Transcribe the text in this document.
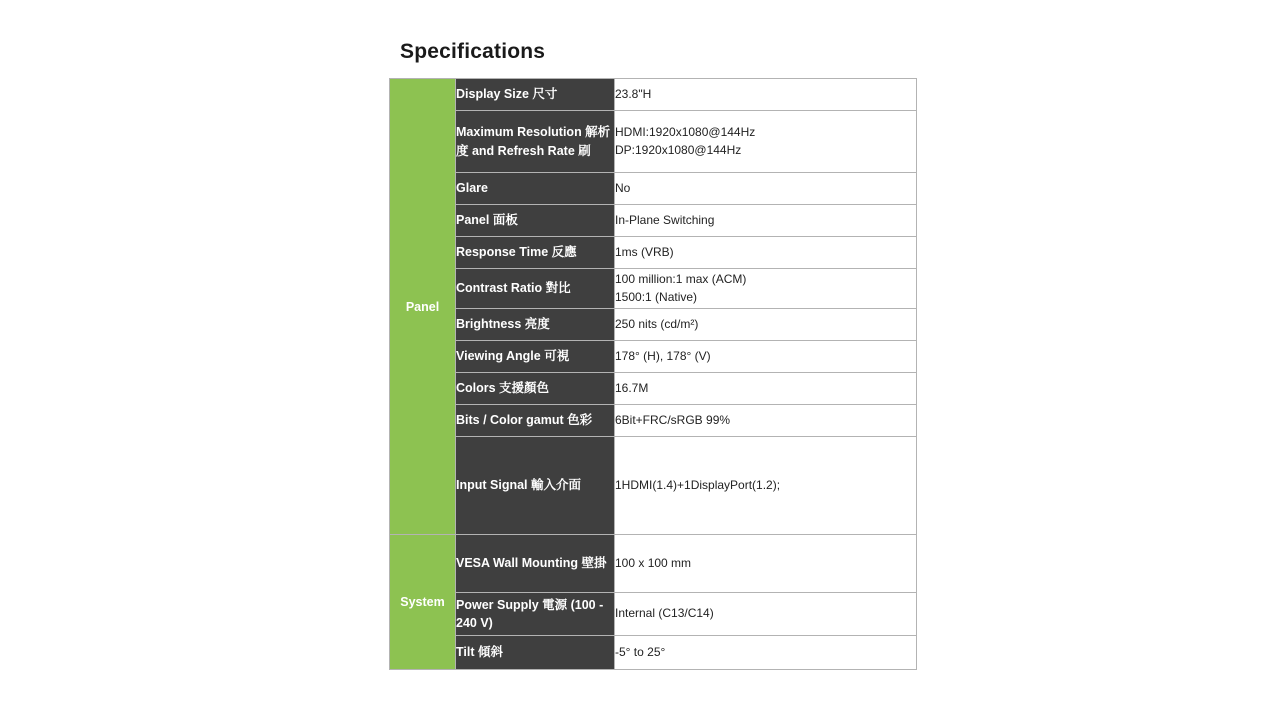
Specifications
Panel	Display Size 尺寸	23.8"H

	Maximum Resolution 解析度 and Refresh Rate 刷	HDMI:1920x1080@144Hz
DP:1920x1080@144Hz

	Glare	No

	Panel 面板	In-Plane Switching

	Response Time 反應	1ms (VRB)

	Contrast Ratio 對比	100 million:1 max (ACM)
1500:1 (Native)

	Brightness 亮度	250 nits (cd/m²)

	Viewing Angle 可視	178° (H), 178° (V)

	Colors 支援顏色	16.7M

	Bits / Color gamut 色彩	6Bit+FRC/sRGB 99%

	Input Signal 輸入介面	1HDMI(1.4)+1DisplayPort(1.2);

System	VESA Wall Mounting 壁掛	100 x 100 mm

	Power Supply 電源 (100 - 240 V)	Internal (C13/C14)

	Tilt 傾斜	-5° to 25°
